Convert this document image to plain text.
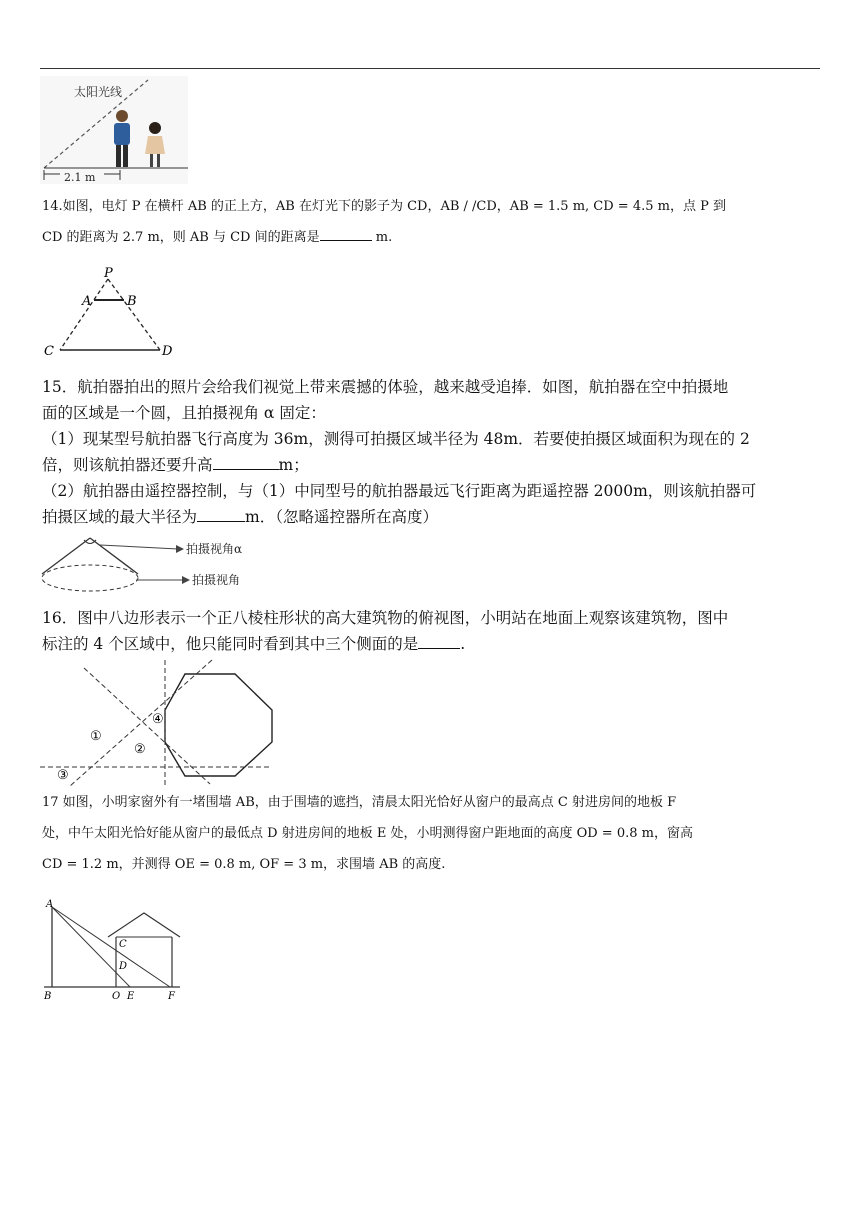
太阳光线
2.1 m
14.如图，电灯 P 在横杆 AB 的正上方，AB 在灯光下的影子为 CD，AB / /CD，AB = 1.5 m, CD = 4.5 m，点 P 到
CD 的距离为 2.7 m，则 AB 与 CD 间的距离是	m.
P
A	B
C	D
15．航拍器拍出的照片会给我们视觉上带来震撼的体验，越来越受追捧．如图，航拍器在空中拍摄地
面的区域是一个圆，且拍摄视角 α 固定：
（1）现某型号航拍器飞行高度为 36m，测得可拍摄区域半径为 48m．若要使拍摄区域面积为现在的 2
倍，则该航拍器还要升高	m；
（2）航拍器由遥控器控制，与（1）中同型号的航拍器最远飞行距离为距遥控器 2000m，则该航拍器可
拍摄区域的最大半径为	m．（忽略遥控器所在高度）
拍摄视角α
拍摄视角
16．图中八边形表示一个正八棱柱形状的高大建筑物的俯视图，小明站在地面上观察该建筑物，图中
标注的 4 个区域中，他只能同时看到其中三个侧面的是	.
①
②
③
④
17 如图，小明家窗外有一堵围墙 AB，由于围墙的遮挡，清晨太阳光恰好从窗户的最高点 C 射进房间的地板 F
处，中午太阳光恰好能从窗户的最低点 D 射进房间的地板 E 处，小明测得窗户距地面的高度 OD = 0.8 m，窗高
CD = 1.2 m，并测得 OE = 0.8 m, OF = 3 m，求围墙 AB 的高度.
A
B
C
D
O E	F
